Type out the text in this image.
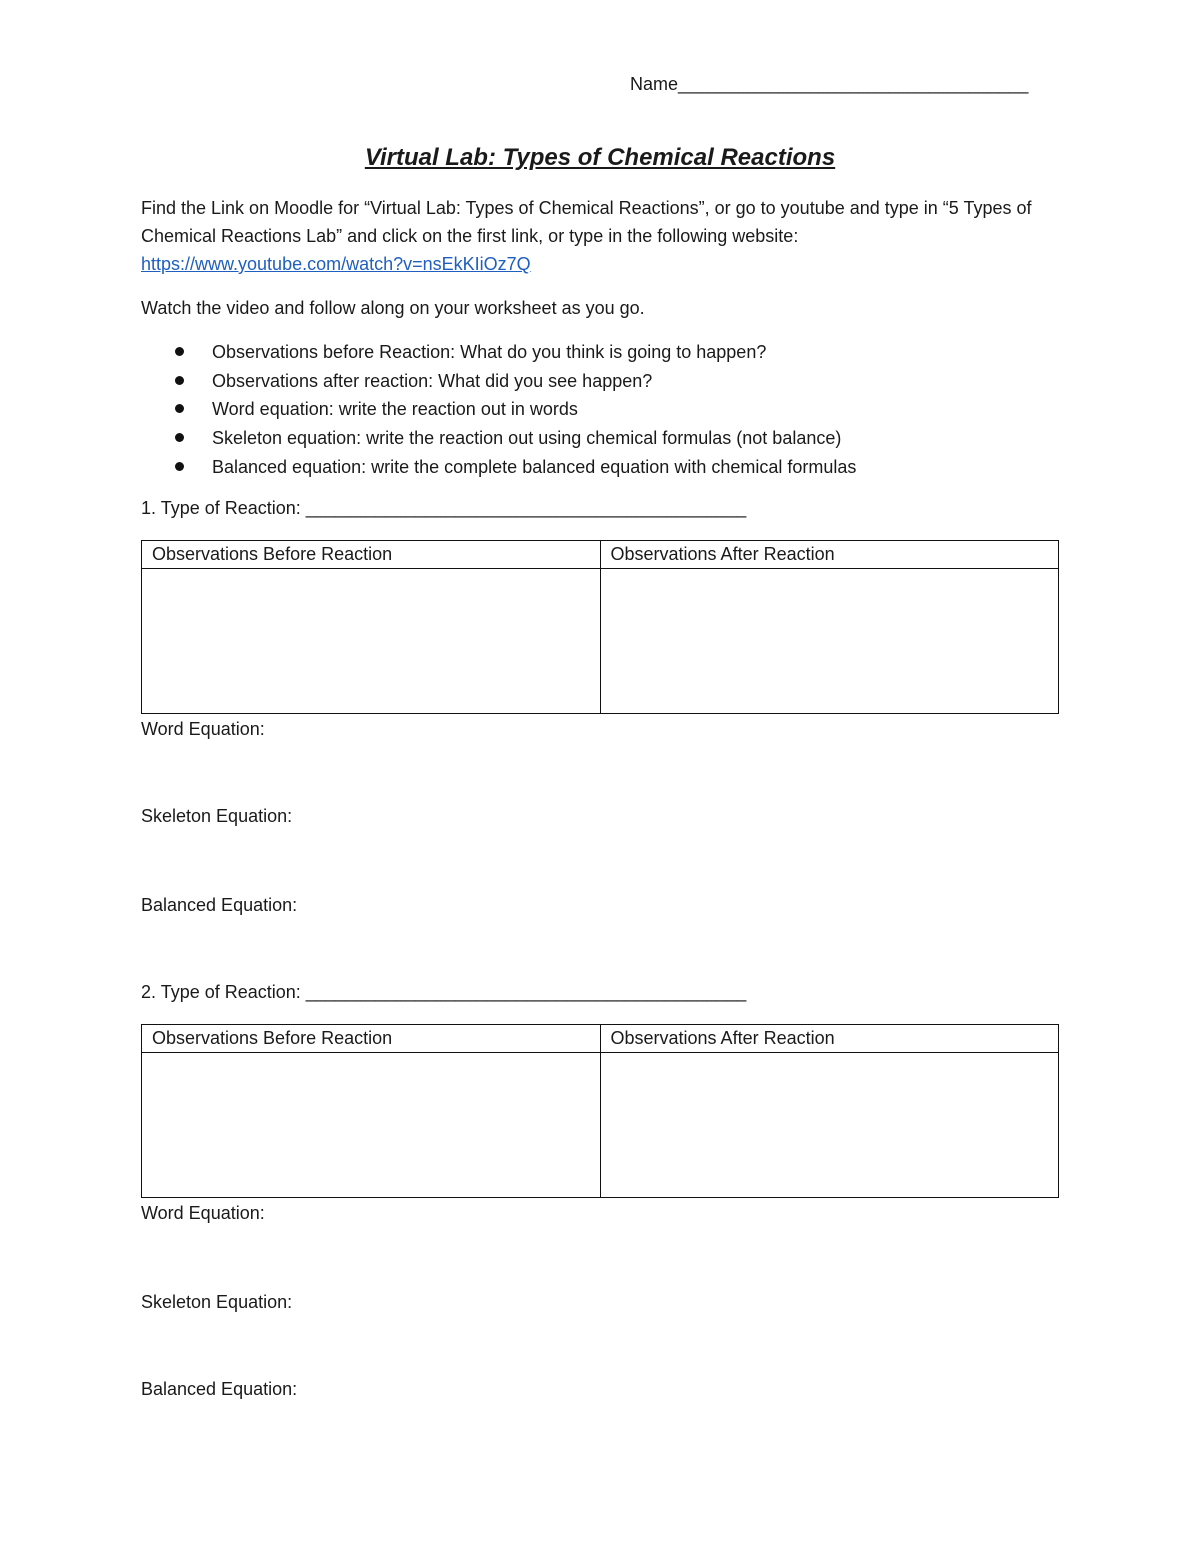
Name___________________________________
Virtual Lab: Types of Chemical Reactions
Find the Link on Moodle for “Virtual Lab: Types of Chemical Reactions”, or go to youtube and type in “5 Types of Chemical Reactions Lab” and click on the first link, or type in the following website:
https://www.youtube.com/watch?v=nsEkKIiOz7Q
Watch the video and follow along on your worksheet as you go.
Observations before Reaction: What do you think is going to happen?
Observations after reaction: What did you see happen?
Word equation: write the reaction out in words
Skeleton equation: write the reaction out using chemical formulas (not balance)
Balanced equation: write the complete balanced equation with chemical formulas
1. Type of Reaction: ____________________________________________
Observations Before Reaction	Observations After Reaction

Word Equation:
Skeleton Equation:
Balanced Equation:
2. Type of Reaction: ____________________________________________
Observations Before Reaction	Observations After Reaction

Word Equation:
Skeleton Equation:
Balanced Equation:
